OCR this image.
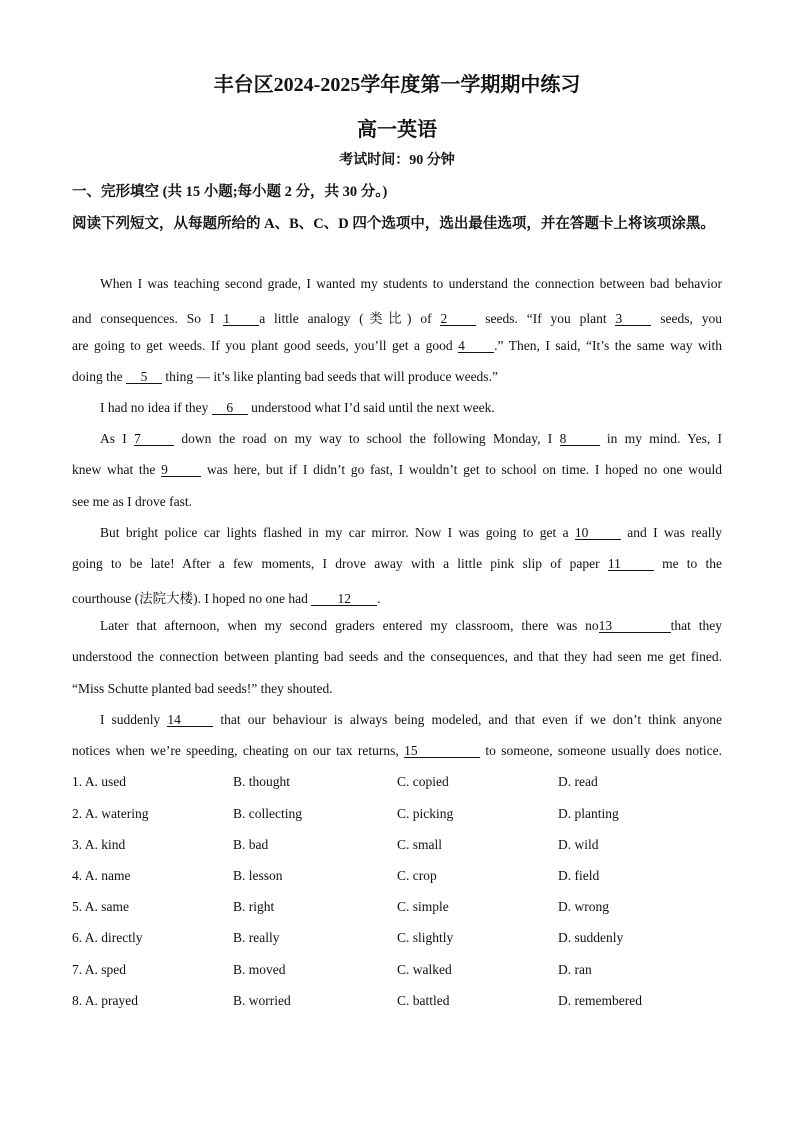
丰台区2024-2025学年度第一学期期中练习
高一英语
考试时间：90 分钟
一、完形填空 (共 15 小题;每小题 2 分，共 30 分。)
阅读下列短文，从每题所给的 A、B、C、D 四个选项中，选出最佳选项，并在答题卡上将该项涂黑。
When I was teaching second grade, I wanted my students to understand the connection between bad behavior
and consequences. So I 1 a little analogy (类比) of 2 seeds. “If you plant 3 seeds, you
are going to get weeds. If you plant good seeds, you’ll get a good 4 .” Then, I said, “It’s the same way with
doing the 5 thing — it’s like planting bad seeds that will produce weeds.”
I had no idea if they 6 understood what I’d said until the next week.
As I 7 down the road on my way to school the following Monday, I 8 in my mind. Yes, I
knew what the 9 was here, but if I didn’t go fast, I wouldn’t get to school on time. I hoped no one would
see me as I drove fast.
But bright police car lights flashed in my car mirror. Now I was going to get a 10 and I was really
going to be late! After a few moments, I drove away with a little pink slip of paper 11 me to the
courthouse (法院大楼). I hoped no one had 12 .
Later that afternoon, when my second graders entered my classroom, there was no13	that they
understood the connection between planting bad seeds and the consequences, and that they had seen me get fined.
“Miss Schutte planted bad seeds!” they shouted.
I suddenly 14 that our behaviour is always being modeled, and that even if we don’t think anyone
notices when we’re speeding, cheating on our tax returns, 15	to someone, someone usually does notice.
1. A. used	B. thought	C. copied	D. read
2. A. watering	B. collecting	C. picking	D. planting
3. A. kind	B. bad	C. small	D. wild
4. A. name	B. lesson	C. crop	D. field
5. A. same	B. right	C. simple	D. wrong
6. A. directly	B. really	C. slightly	D. suddenly
7. A. sped	B. moved	C. walked	D. ran
8. A. prayed	B. worried	C. battled	D. remembered
